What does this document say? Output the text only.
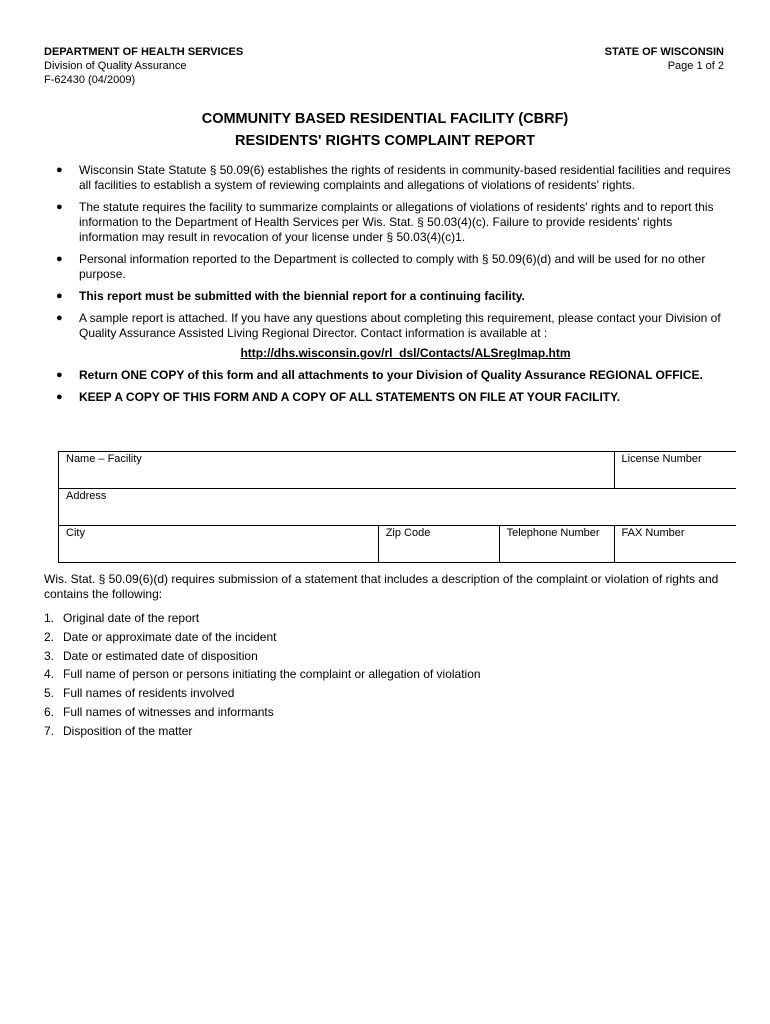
DEPARTMENT OF HEALTH SERVICES
Division of Quality Assurance
F-62430 (04/2009)
STATE OF WISCONSIN
Page 1 of 2
COMMUNITY BASED RESIDENTIAL FACILITY (CBRF)
RESIDENTS' RIGHTS COMPLAINT REPORT
● Wisconsin State Statute § 50.09(6) establishes the rights of residents in community-based residential facilities and requires all facilities to establish a system of reviewing complaints and allegations of violations of residents' rights.
● The statute requires the facility to summarize complaints or allegations of violations of residents' rights and to report this information to the Department of Health Services per Wis. Stat. § 50.03(4)(c). Failure to provide residents' rights information may result in revocation of your license under § 50.03(4)(c)1.
● Personal information reported to the Department is collected to comply with § 50.09(6)(d) and will be used for no other purpose.
● This report must be submitted with the biennial report for a continuing facility.
● A sample report is attached. If you have any questions about completing this requirement, please contact your Division of Quality Assurance Assisted Living Regional Director. Contact information is available at :
http://dhs.wisconsin.gov/rl_dsl/Contacts/ALSregImap.htm
● Return ONE COPY of this form and all attachments to your Division of Quality Assurance REGIONAL OFFICE.
● KEEP A COPY OF THIS FORM AND A COPY OF ALL STATEMENTS ON FILE AT YOUR FACILITY.
Name – Facility			License Number
Address			
City	Zip Code	Telephone Number	FAX Number
Wis. Stat. § 50.09(6)(d) requires submission of a statement that includes a description of the complaint or violation of rights and contains the following:
1. Original date of the report
2. Date or approximate date of the incident
3. Date or estimated date of disposition
4. Full name of person or persons initiating the complaint or allegation of violation
5. Full names of residents involved
6. Full names of witnesses and informants
7. Disposition of the matter
